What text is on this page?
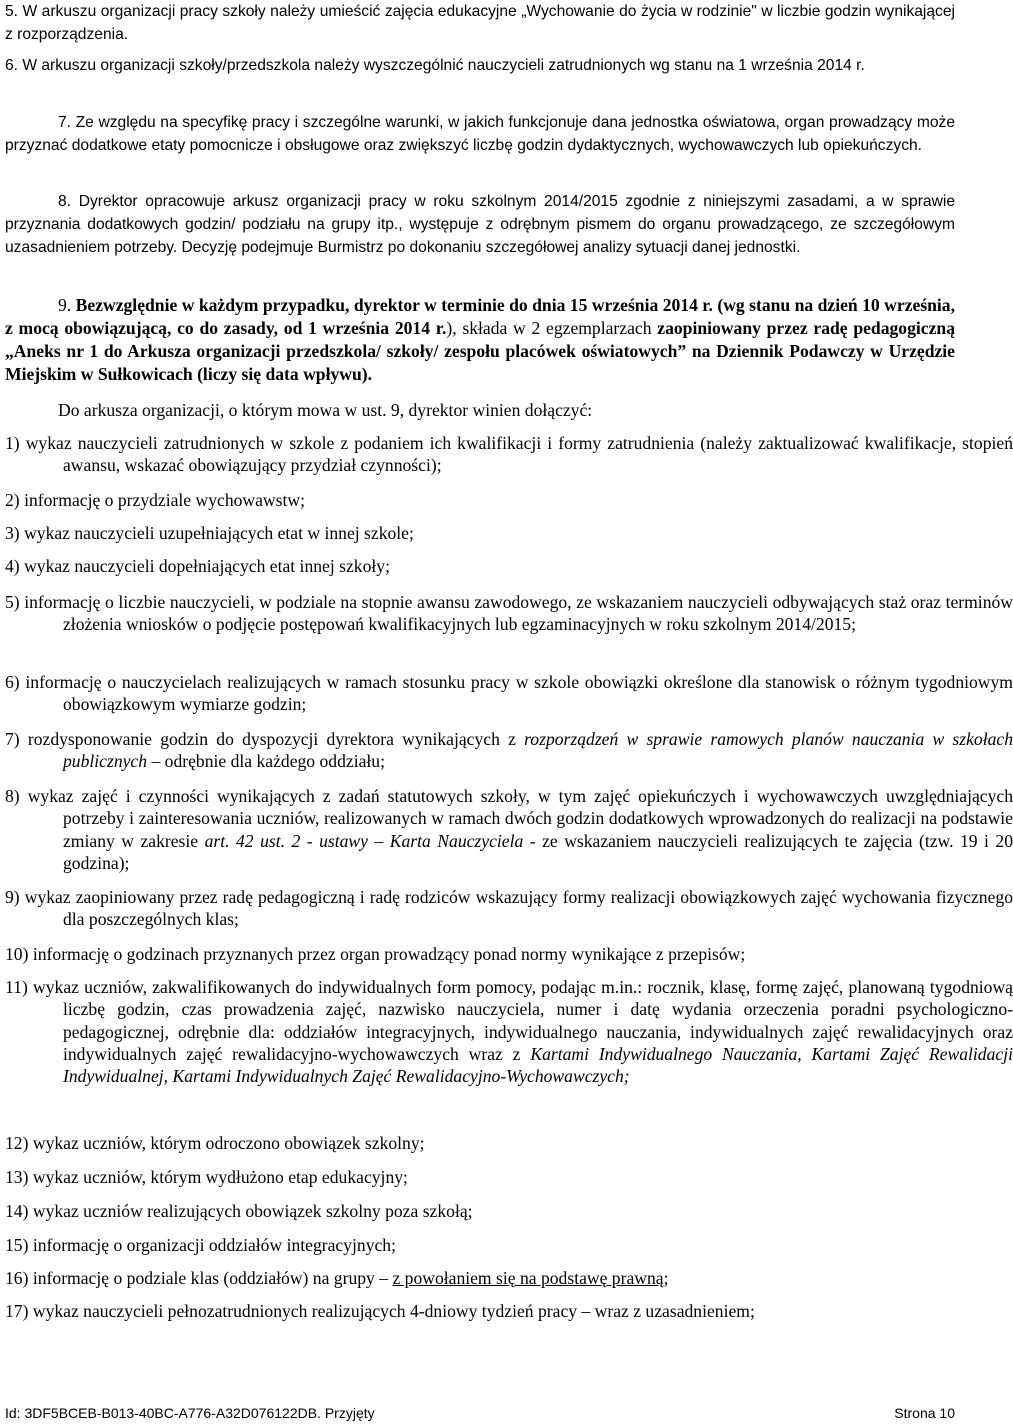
5. W arkuszu organizacji pracy szkoły należy umieścić zajęcia edukacyjne „Wychowanie do życia w rodzinie" w liczbie godzin wynikającej z rozporządzenia.
6. W arkuszu organizacji szkoły/przedszkola należy wyszczególnić nauczycieli zatrudnionych wg stanu na 1 września 2014 r.
7. Ze względu na specyfikę pracy i szczególne warunki, w jakich funkcjonuje dana jednostka oświatowa, organ prowadzący może przyznać dodatkowe etaty pomocnicze i obsługowe oraz zwiększyć liczbę godzin dydaktycznych, wychowawczych lub opiekuńczych.
8. Dyrektor opracowuje arkusz organizacji pracy w roku szkolnym 2014/2015 zgodnie z niniejszymi zasadami, a w sprawie przyznania dodatkowych godzin/ podziału na grupy itp., występuje z odrębnym pismem do organu prowadzącego, ze szczegółowym uzasadnieniem potrzeby. Decyzję podejmuje Burmistrz po dokonaniu szczegółowej analizy sytuacji danej jednostki.
9. Bezwzględnie w każdym przypadku, dyrektor w terminie do dnia 15 września 2014 r. (wg stanu na dzień 10 września, z mocą obowiązującą, co do zasady, od 1 września 2014 r.), składa w 2 egzemplarzach zaopiniowany przez radę pedagogiczną „Aneks nr 1 do Arkusza organizacji przedszkola/ szkoły/ zespołu placówek oświatowych” na Dziennik Podawczy w Urzędzie Miejskim w Sułkowicach (liczy się data wpływu).
Do arkusza organizacji, o którym mowa w ust. 9, dyrektor winien dołączyć:
1) wykaz nauczycieli zatrudnionych w szkole z podaniem ich kwalifikacji i formy zatrudnienia (należy zaktualizować kwalifikacje, stopień awansu, wskazać obowiązujący przydział czynności);
2) informację o przydziale wychowawstw;
3) wykaz nauczycieli uzupełniających etat w innej szkole;
4) wykaz nauczycieli dopełniających etat innej szkoły;
5) informację o liczbie nauczycieli, w podziale na stopnie awansu zawodowego, ze wskazaniem nauczycieli odbywających staż oraz terminów złożenia wniosków o podjęcie postępowań kwalifikacyjnych lub egzaminacyjnych w roku szkolnym 2014/2015;
6) informację o nauczycielach realizujących w ramach stosunku pracy w szkole obowiązki określone dla stanowisk o różnym tygodniowym obowiązkowym wymiarze godzin;
7) rozdysponowanie godzin do dyspozycji dyrektora wynikających z rozporządzeń w sprawie ramowych planów nauczania w szkołach publicznych – odrębnie dla każdego oddziału;
8) wykaz zajęć i czynności wynikających z zadań statutowych szkoły, w tym zajęć opiekuńczych i wychowawczych uwzględniających potrzeby i zainteresowania uczniów, realizowanych w ramach dwóch godzin dodatkowych wprowadzonych do realizacji na podstawie zmiany w zakresie art. 42 ust. 2 - ustawy – Karta Nauczyciela - ze wskazaniem nauczycieli realizujących te zajęcia (tzw. 19 i 20 godzina);
9) wykaz zaopiniowany przez radę pedagogiczną i radę rodziców wskazujący formy realizacji obowiązkowych zajęć wychowania fizycznego dla poszczególnych klas;
10) informację o godzinach przyznanych przez organ prowadzący ponad normy wynikające z przepisów;
11) wykaz uczniów, zakwalifikowanych do indywidualnych form pomocy, podając m.in.: rocznik, klasę, formę zajęć, planowaną tygodniową liczbę godzin, czas prowadzenia zajęć, nazwisko nauczyciela, numer i datę wydania orzeczenia poradni psychologiczno-pedagogicznej, odrębnie dla: oddziałów integracyjnych, indywidualnego nauczania, indywidualnych zajęć rewalidacyjnych oraz indywidualnych zajęć rewalidacyjno-wychowawczych wraz z Kartami Indywidualnego Nauczania, Kartami Zajęć Rewalidacji Indywidualnej, Kartami Indywidualnych Zajęć Rewalidacyjno-Wychowawczych;
12) wykaz uczniów, którym odroczono obowiązek szkolny;
13) wykaz uczniów, którym wydłużono etap edukacyjny;
14) wykaz uczniów realizujących obowiązek szkolny poza szkołą;
15) informację o organizacji oddziałów integracyjnych;
16) informację o podziale klas (oddziałów) na grupy – z powołaniem się na podstawę prawną;
17) wykaz nauczycieli pełnozatrudnionych realizujących 4-dniowy tydzień pracy – wraz z uzasadnieniem;
Id: 3DF5BCEB-B013-40BC-A776-A32D076122DB. Przyjęty	Strona 10
